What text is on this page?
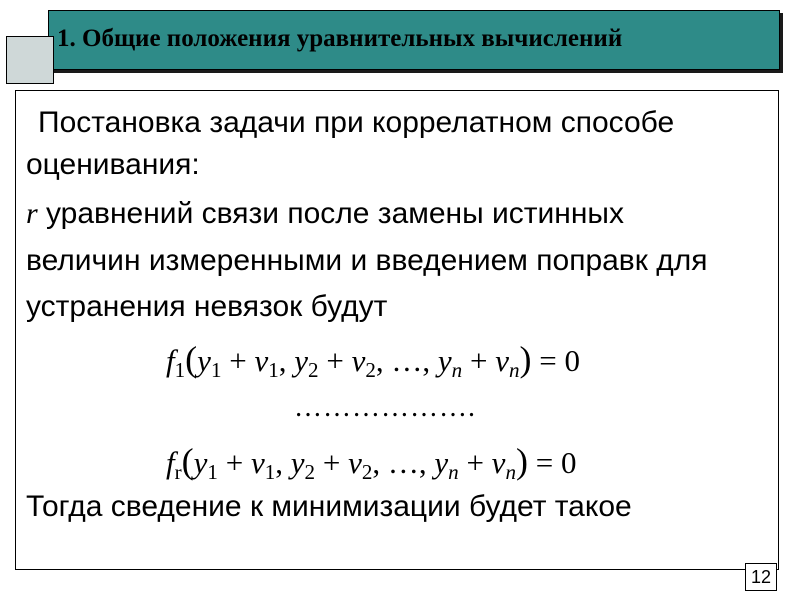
1. Общие положения уравнительных вычислений
Постановка задачи при коррелатном способе
оценивания:
r уравнений связи после замены истинных
величин измеренными и введением поправк для
устранения невязок будут
$f_1(y_1 + v_1$, $y_2 + v_2$, …, $y_n + v_n) = 0$
……………….
$f_r(y_1 + v_1$, $y_2 + v_2$, …, $y_n + v_n) = 0$
Тогда сведение к минимизации будет такое
12
